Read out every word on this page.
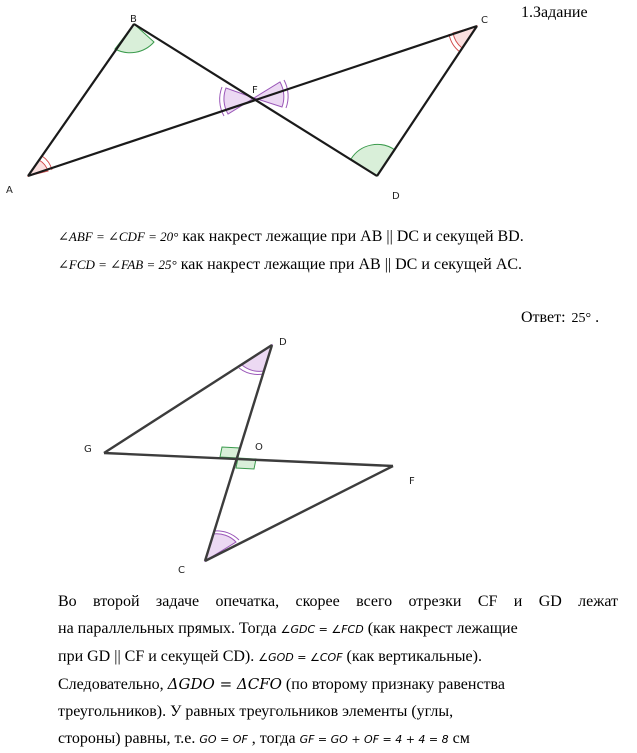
A
B	C
D
F
1.Задание
∠ABF = ∠CDF = 20° как накрест лежащие при AB || DC и секущей BD.
∠FCD = ∠FAB = 25° как накрест лежащие при AB || DC и секущей AC.
Ответ: 25° .
G	O
D
F
C
Во второй задаче опечатка, скорее всего отрезки CF и GD лежат
на параллельных прямых. Тогда ∠GDC = ∠FCD (как накрест лежащие
при GD || CF и секущей CD). ∠GOD = ∠COF (как вертикальные).
Следовательно, ΔGDO = ΔCFO (по второму признаку равенства
треугольников). У равных треугольников элементы (углы,
стороны) равны, т.е. GO = OF , тогда GF = GO + OF = 4 + 4 = 8 см
